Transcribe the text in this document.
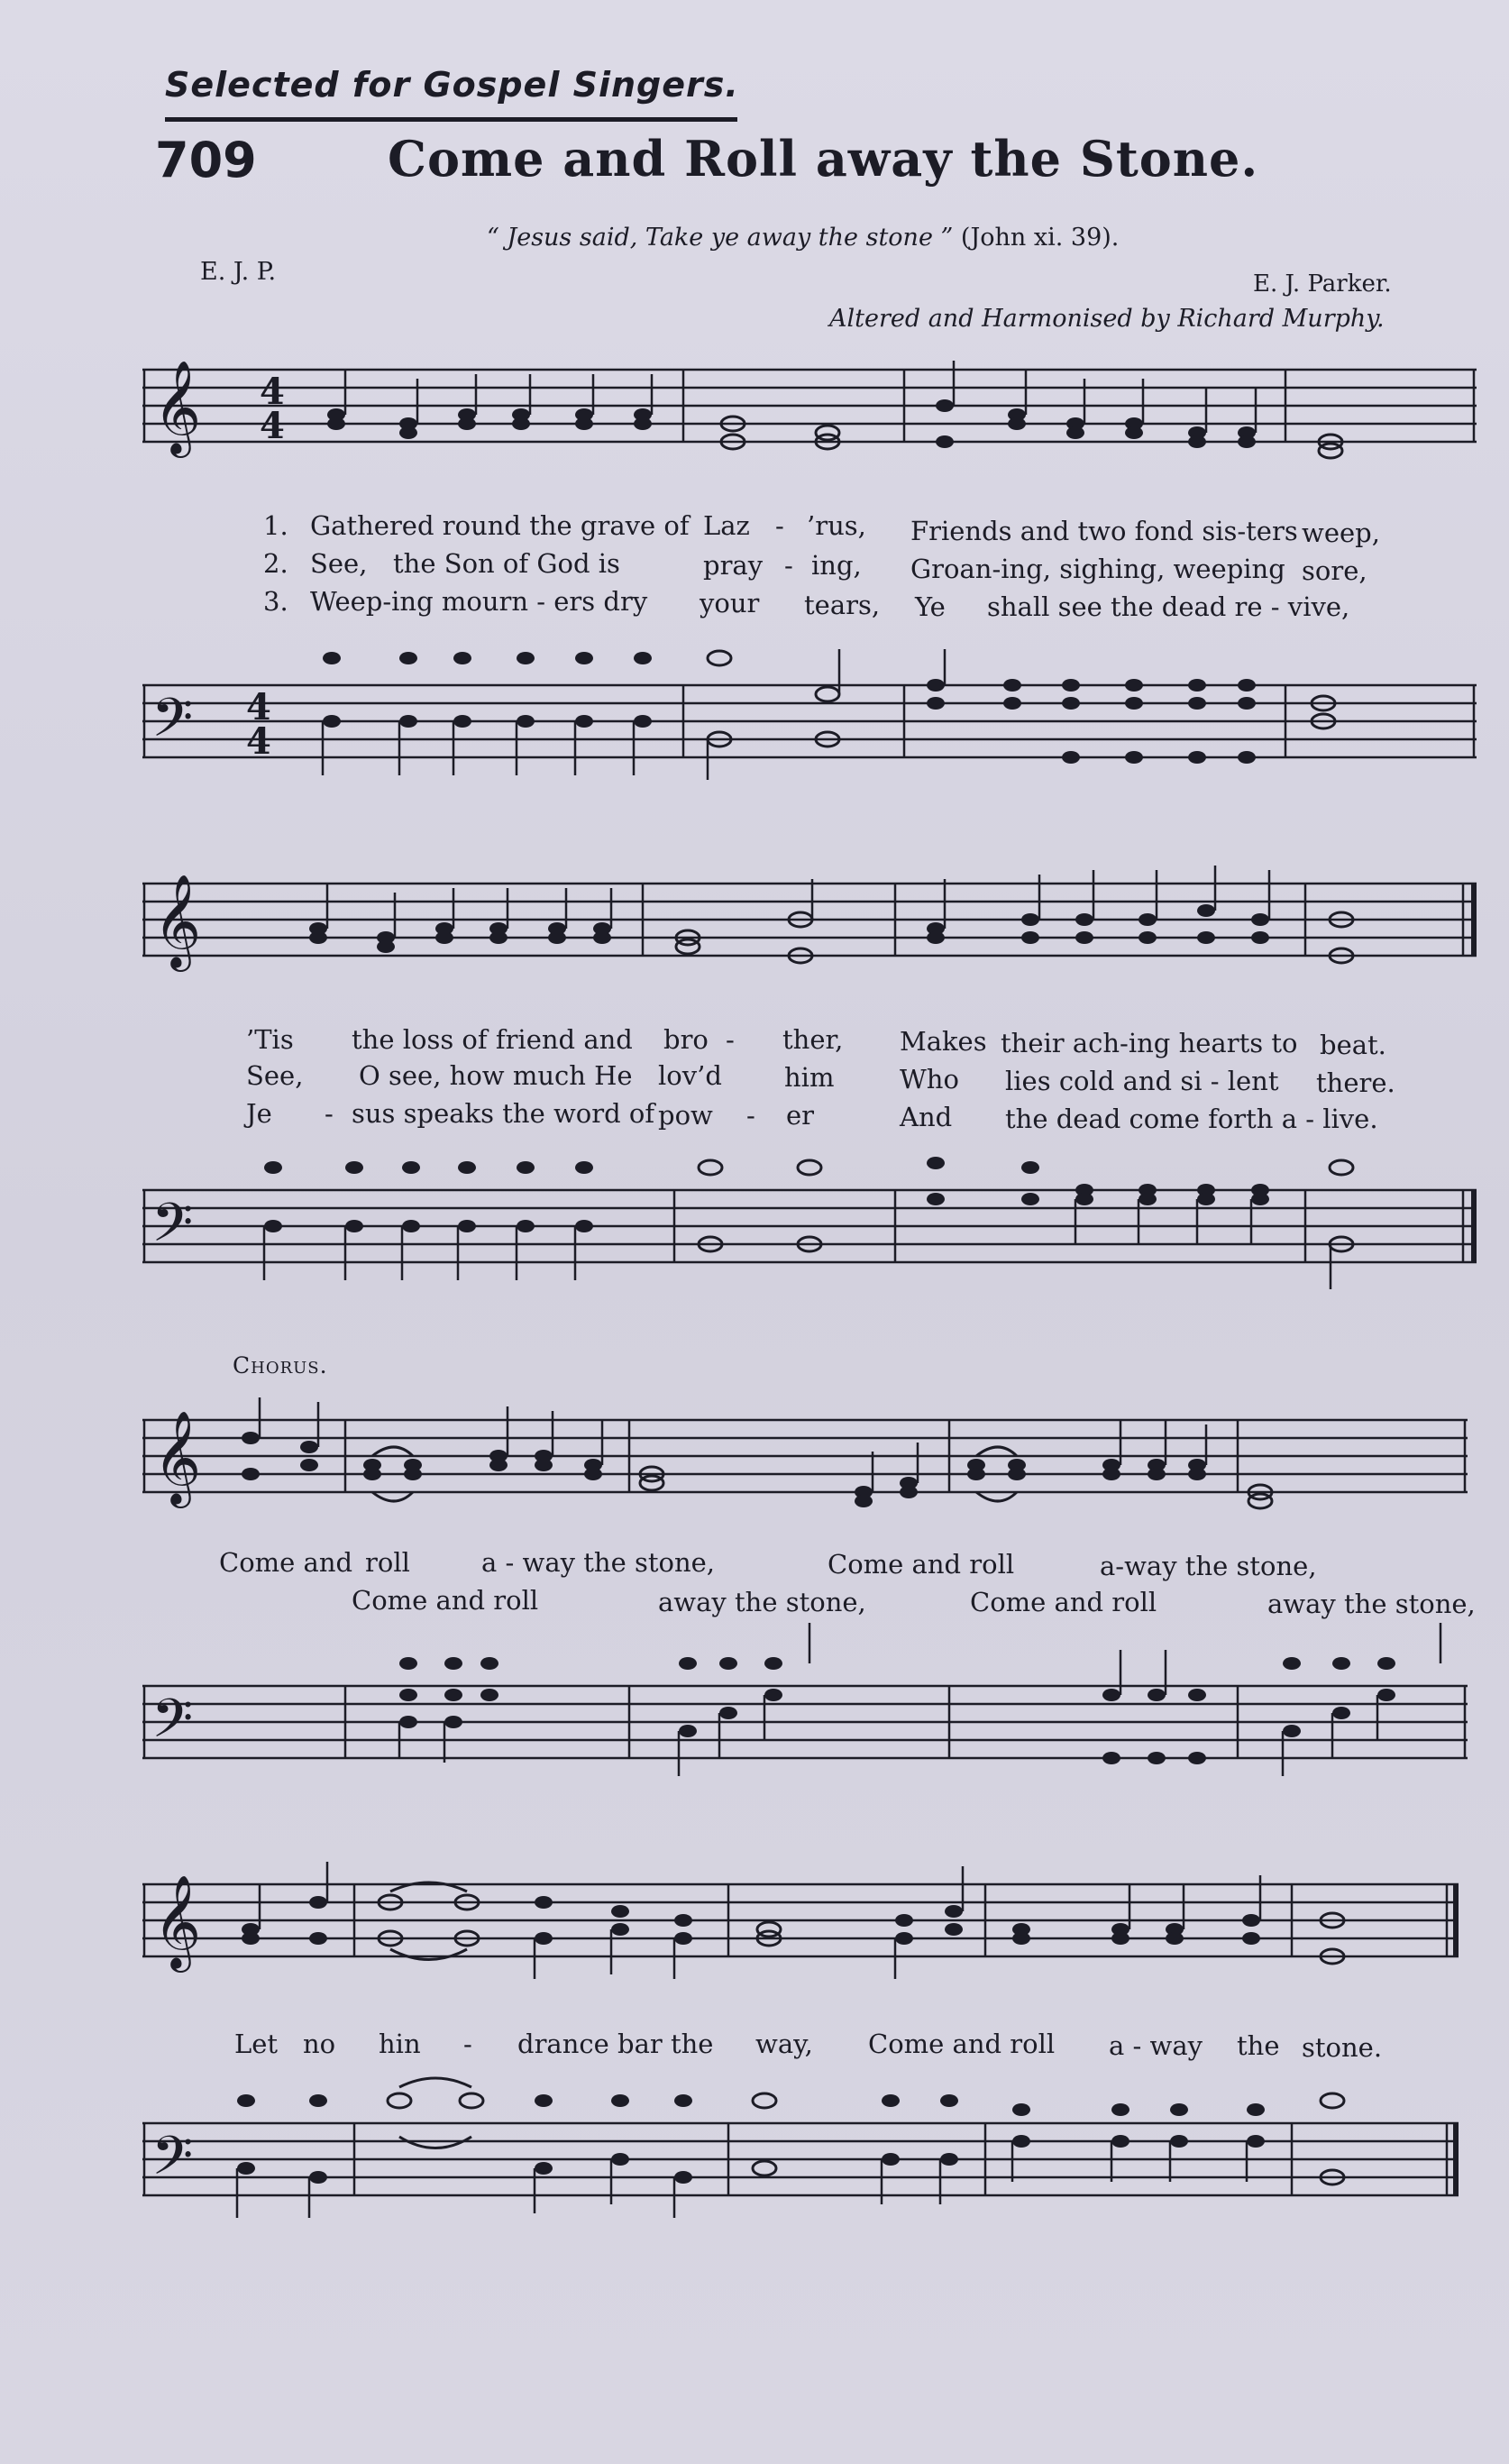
Selected for Gospel Singers.
709	Come and Roll away the Stone.
“ Jesus said, Take ye away the stone ” (John xi. 39).
E. J. P.	E. J. Parker.
Altered and Harmonised by Richard Murphy.
𝄞 4
4
1. Gathered round the grave of Laz - ’rus, Friends and two fond sis-ters weep,
2. See, the Son of God is	pray - ing, Groan-ing, sighing, weeping sore,
3. Weep-ing mourn - ers dry your tears, Ye shall see the dead re - vive,
𝄢 4
4
𝄞
’Tis the loss of friend and bro - ther, Makes their ach-ing hearts to beat.
See, O see, how much He lov’d him	Who lies cold and si - lent there.
Je - sus speaks the word of pow - er	And the dead come forth a - live.
𝄢
Chorus.
𝄞
Come and roll	a - way the stone,	Come and roll	a-way the stone,
Come and roll	away the stone,	Come and roll	away the stone,
𝄢
𝄞
Let no hin - drance bar the way, Come and roll a - way the stone.
𝄢
